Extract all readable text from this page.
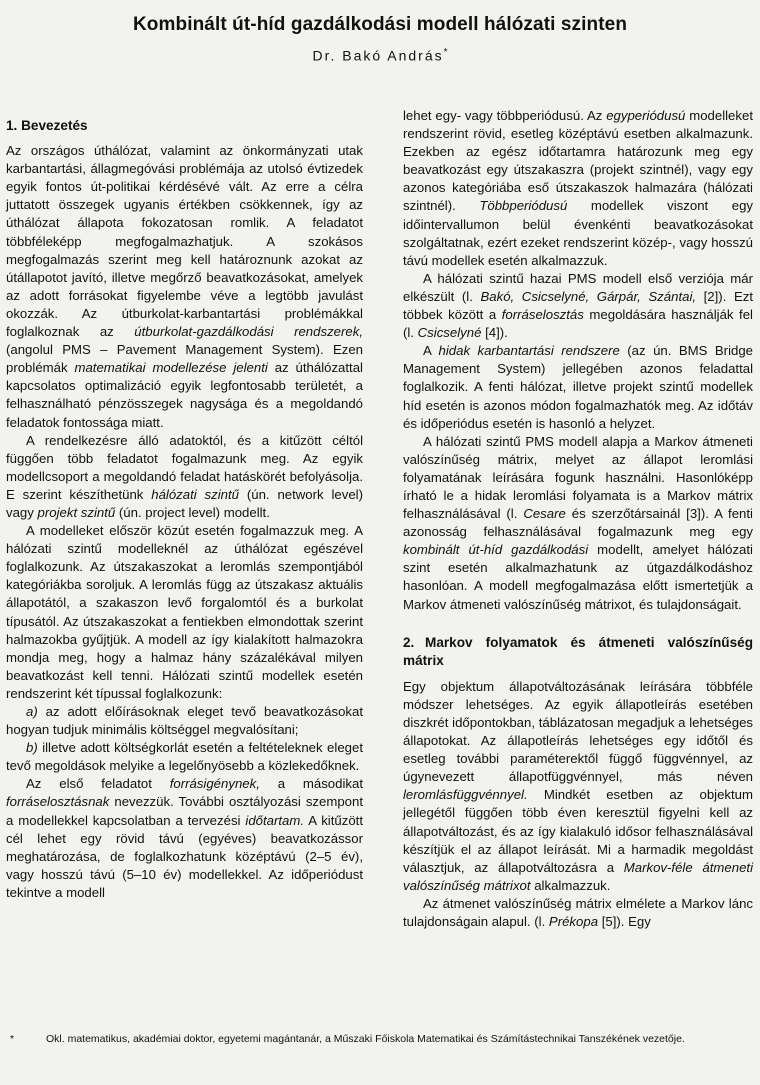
Kombinált út-híd gazdálkodási modell hálózati szinten
Dr. Bakó András*
1. Bevezetés

Az országos úthálózat, valamint az önkormányzati utak karbantartási, állagmegóvási problémája az utolsó évtizedek egyik fontos út-politikai kérdésévé vált. Az erre a célra juttatott összegek ugyanis értékben csökkennek, így az úthálózat állapota fokozatosan romlik. A feladatot többféleképp megfogalmazhatjuk. A szokásos megfogalmazás szerint meg kell határoznunk azokat az útállapotot javító, illetve megőrző beavatkozásokat, amelyek az adott forrásokat figyelembe véve a legtöbb javulást okozzák. Az útburkolat-karbantartási problémákkal foglalkoznak az útburkolat-gazdálkodási rendszerek, (angolul PMS – Pavement Management System). Ezen problémák matematikai modellezése jelenti az úthálózattal kapcsolatos optimalizáció egyik legfontosabb területét, a felhasználható pénzösszegek nagysága és a megoldandó feladatok fontossága miatt.

A rendelkezésre álló adatoktól, és a kitűzött céltól függően több feladatot fogalmazunk meg. Az egyik modellcsoport a megoldandó feladat hatáskörét befolyásolja. E szerint készíthetünk hálózati szintű (ún. network level) vagy projekt szintű (ún. project level) modellt.

A modelleket először közút esetén fogalmazzuk meg. A hálózati szintű modelleknél az úthálózat egészével foglalkozunk. Az útszakaszokat a leromlás szempontjából kategóriákba soroljuk. A leromlás függ az útszakasz aktuális állapotától, a szakaszon levő forgalomtól és a burkolat típusától. Az útszakaszokat a fentiekben elmondottak szerint halmazokba gyűjtjük. A modell az így kialakított halmazokra mondja meg, hogy a halmaz hány százalékával milyen beavatkozást kell tenni. Hálózati szintű modellek esetén rendszerint két típussal foglalkozunk:

a) az adott előírásoknak eleget tevő beavatkozásokat hogyan tudjuk minimális költséggel megvalósítani;

b) illetve adott költségkorlát esetén a feltételeknek eleget tevő megoldások melyike a legelőnyösebb a közlekedőknek.

Az első feladatot forrásigénynek, a másodikat forráselosztásnak nevezzük. További osztályozási szempont a modellekkel kapcsolatban a tervezési időtartam. A kitűzött cél lehet egy rövid távú (egyéves) beavatkozássor meghatározása, de foglalkozhatunk középtávú (2–5 év), vagy hosszú távú (5–10 év) modellekkel. Az időperiódust tekintve a modell

lehet egy- vagy többperiódusú. Az egyperiódusú modelleket rendszerint rövid, esetleg középtávú esetben alkalmazunk. Ezekben az egész időtartamra határozunk meg egy beavatkozást egy útszakaszra (projekt szintnél), vagy egy azonos kategóriába eső útszakaszok halmazára (hálózati szintnél). Többperiódusú modellek viszont egy időintervallumon belül évenkénti beavatkozásokat szolgáltatnak, ezért ezeket rendszerint közép-, vagy hosszú távú modellek esetén alkalmazzuk.

A hálózati szintű hazai PMS modell első verziója már elkészült (l. Bakó, Csicselyné, Gárpár, Szántai, [2]). Ezt többek között a forráselosztás megoldására használják fel (l. Csicselyné [4]).

A hidak karbantartási rendszere (az ún. BMS Bridge Management System) jellegében azonos feladattal foglalkozik. A fenti hálózat, illetve projekt szintű modellek híd esetén is azonos módon fogalmazhatók meg. Az időtáv és időperiódus esetén is hasonló a helyzet.

A hálózati szintű PMS modell alapja a Markov átmeneti valószínűség mátrix, melyet az állapot leromlási folyamatának leírására fogunk használni. Hasonlóképp írható le a hidak leromlási folyamata is a Markov mátrix felhasználásával (l. Cesare és szerzőtársainál [3]). A fenti azonosság felhasználásával fogalmazunk meg egy kombinált út-híd gazdálkodási modellt, amelyet hálózati szint esetén alkalmazhatunk az útgazdálkodáshoz hasonlóan. A modell megfogalmazása előtt ismertetjük a Markov átmeneti valószínűség mátrixot, és tulajdonságait.

2. Markov folyamatok és átmeneti valószínűség mátrix

Egy objektum állapotváltozásának leírására többféle módszer lehetséges. Az egyik állapotleírás esetében diszkrét időpontokban, táblázatosan megadjuk a lehetséges állapotokat. Az állapotleírás lehetséges egy időtől és esetleg további paraméterektől függő függvénnyel, az úgynevezett állapotfüggvénnyel, más néven leromlásfüggvénnyel. Mindkét esetben az objektum jellegétől függően több éven keresztül figyelni kell az állapotváltozást, és az így kialakuló idősor felhasználásával készítjük el az állapot leírását. Mi a harmadik megoldást választjuk, az állapotváltozásra a Markov-féle átmeneti valószínűség mátrixot alkalmazzuk.

Az átmenet valószínűség mátrix elmélete a Markov lánc tulajdonságain alapul. (l. Prékopa [5]). Egy

*	Okl. matematikus, akadémiai doktor, egyetemi magántanár, a Műszaki Főiskola Matematikai és Számítástechnikai Tanszékének vezetője.
